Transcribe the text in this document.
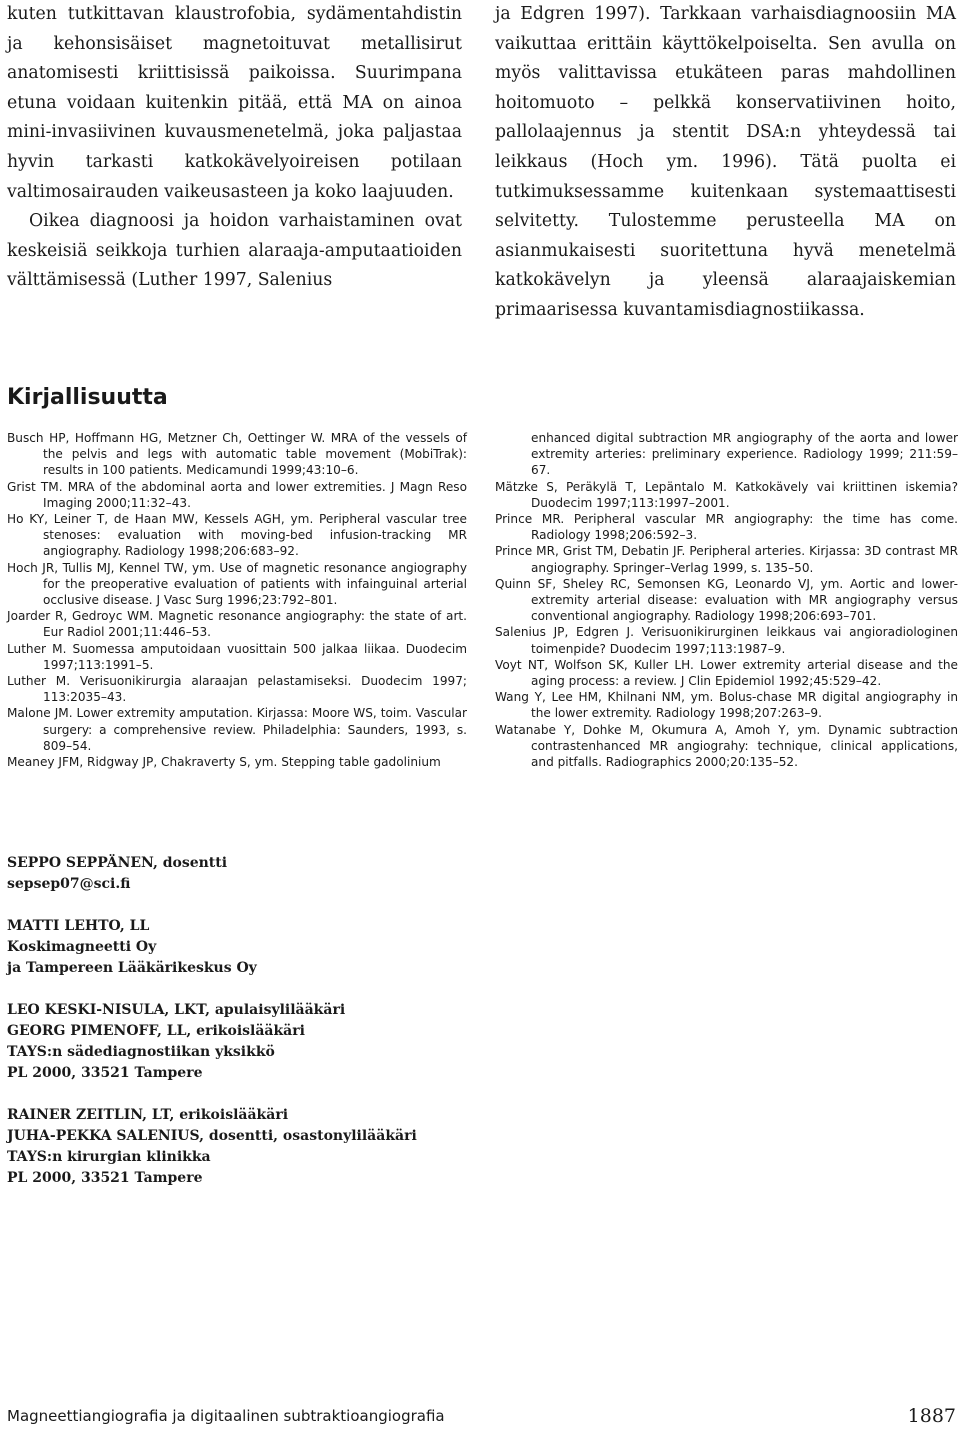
kuten tutkittavan klaustrofobia, sydämentahdistin ja kehonsisäiset magnetoituvat metallisirut anatomisesti kriittisissä paikoissa. Suurimpana etuna voidaan kuitenkin pitää, että MA on ainoa mini-invasiivinen kuvausmenetelmä, joka paljastaa hyvin tarkasti katkokävelyoireisen potilaan valtimosairauden vaikeusasteen ja koko laajuuden.

Oikea diagnoosi ja hoidon varhaistaminen ovat keskeisiä seikkoja turhien alaraaja-amputaatioiden välttämisessä (Luther 1997, Salenius

ja Edgren 1997). Tarkkaan varhaisdiagnoosiin MA vaikuttaa erittäin käyttökelpoiselta. Sen avulla on myös valittavissa etukäteen paras mahdollinen hoitomuoto – pelkkä konservatiivinen hoito, pallolaajennus ja stentit DSA:n yhteydessä tai leikkaus (Hoch ym. 1996). Tätä puolta ei tutkimuksessamme kuitenkaan systemaattisesti selvitetty. Tulostemme perusteella MA on asianmukaisesti suoritettuna hyvä menetelmä katkokävelyn ja yleensä alaraajaiskemian primaarisessa kuvantamisdiagnostiikassa.

Kirjallisuutta

Busch HP, Hoffmann HG, Metzner Ch, Oettinger W. MRA of the vessels of the pelvis and legs with automatic table movement (MobiTrak): results in 100 patients. Medicamundi 1999;43:10–6.

Grist TM. MRA of the abdominal aorta and lower extremities. J Magn Reso Imaging 2000;11:32–43.

Ho KY, Leiner T, de Haan MW, Kessels AGH, ym. Peripheral vascular tree stenoses: evaluation with moving-bed infusion-tracking MR angiography. Radiology 1998;206:683–92.

Hoch JR, Tullis MJ, Kennel TW, ym. Use of magnetic resonance angiography for the preoperative evaluation of patients with infainguinal arterial occlusive disease. J Vasc Surg 1996;23:792–801.

Joarder R, Gedroyc WM. Magnetic resonance angiography: the state of art. Eur Radiol 2001;11:446–53.

Luther M. Suomessa amputoidaan vuosittain 500 jalkaa liikaa. Duodecim 1997;113:1991–5.

Luther M. Verisuonikirurgia alaraajan pelastamiseksi. Duodecim 1997; 113:2035–43.

Malone JM. Lower extremity amputation. Kirjassa: Moore WS, toim. Vascular surgery: a comprehensive review. Philadelphia: Saunders, 1993, s. 809–54.

Meaney JFM, Ridgway JP, Chakraverty S, ym. Stepping table gadolinium

enhanced digital subtraction MR angiography of the aorta and lower extremity arteries: preliminary experience. Radiology 1999; 211:59–67.

Mätzke S, Peräkylä T, Lepäntalo M. Katkokävely vai kriittinen iskemia? Duodecim 1997;113:1997–2001.

Prince MR. Peripheral vascular MR angiography: the time has come. Radiology 1998;206:592–3.

Prince MR, Grist TM, Debatin JF. Peripheral arteries. Kirjassa: 3D contrast MR angiography. Springer–Verlag 1999, s. 135–50.

Quinn SF, Sheley RC, Semonsen KG, Leonardo VJ, ym. Aortic and lower-extremity arterial disease: evaluation with MR angiography versus conventional angiography. Radiology 1998;206:693–701.

Salenius JP, Edgren J. Verisuonikirurginen leikkaus vai angioradiologinen toimenpide? Duodecim 1997;113:1987–9.

Voyt NT, Wolfson SK, Kuller LH. Lower extremity arterial disease and the aging process: a review. J Clin Epidemiol 1992;45:529–42.

Wang Y, Lee HM, Khilnani NM, ym. Bolus-chase MR digital angiography in the lower extremity. Radiology 1998;207:263–9.

Watanabe Y, Dohke M, Okumura A, Amoh Y, ym. Dynamic subtraction contrastenhanced MR angiograhy: technique, clinical applications, and pitfalls. Radiographics 2000;20:135–52.

SEPPO SEPPÄNEN, dosentti
sepsep07@sci.fi
MATTI LEHTO, LL
Koskimagneetti Oy
ja Tampereen Lääkärikeskus Oy
LEO KESKI-NISULA, LKT, apulaisylilääkäri
GEORG PIMENOFF, LL, erikoislääkäri
TAYS:n sädediagnostiikan yksikkö
PL 2000, 33521 Tampere
RAINER ZEITLIN, LT, erikoislääkäri
JUHA-PEKKA SALENIUS, dosentti, osastonylilääkäri
TAYS:n kirurgian klinikka
PL 2000, 33521 Tampere
Magneettiangiografia ja digitaalinen subtraktioangiografia	1887
